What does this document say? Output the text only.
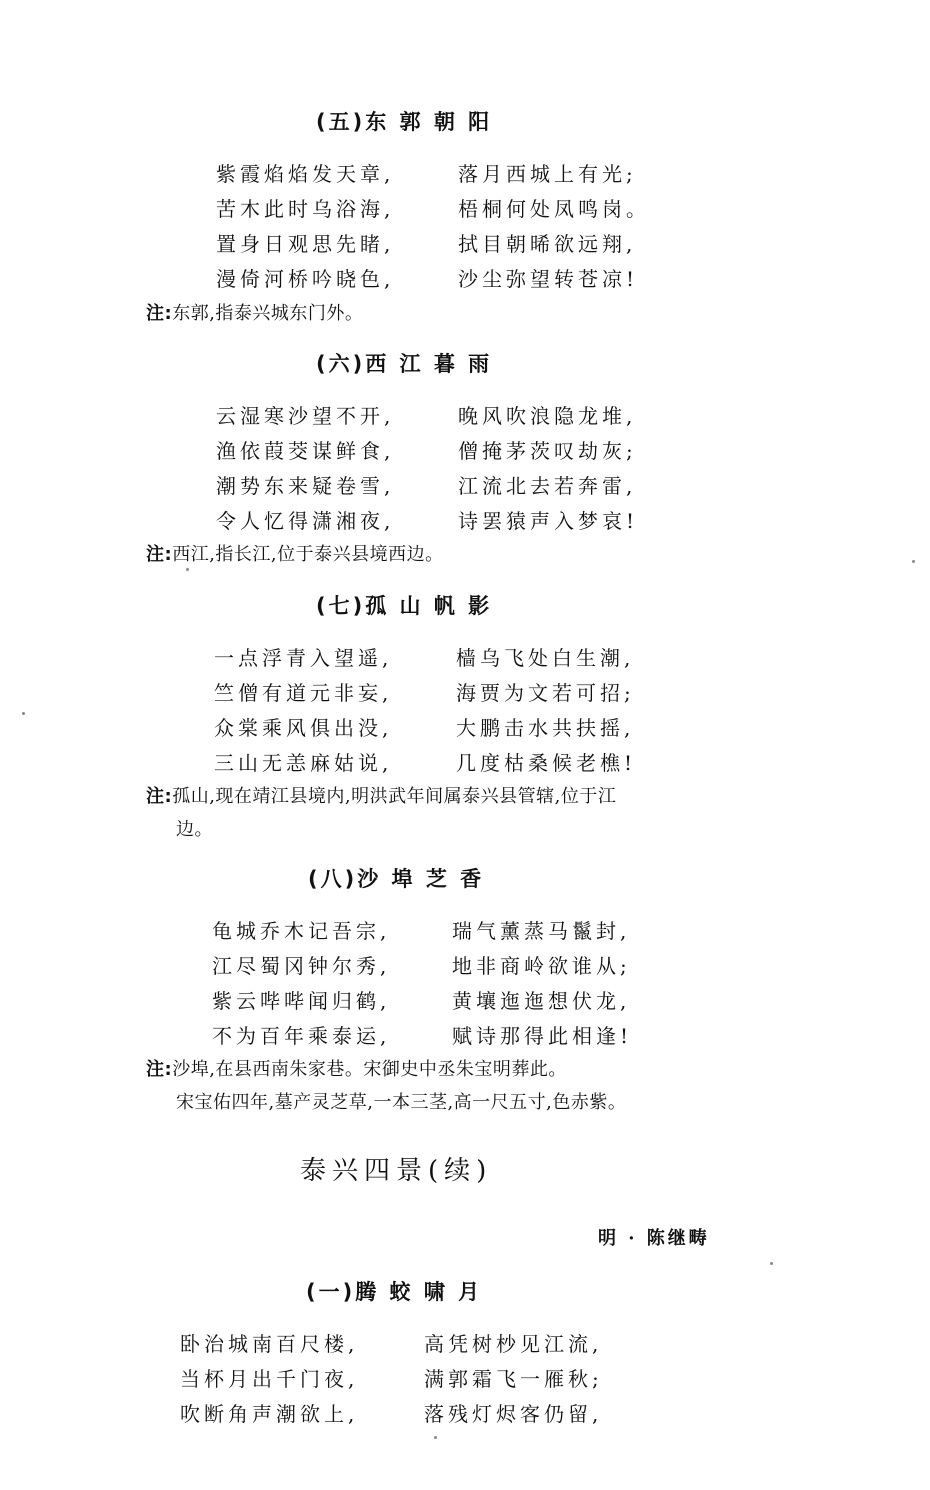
(五)东 郭 朝 阳
紫霞焰焰发天章,	落月西城上有光;
苦木此时乌浴海,	梧桐何处凤鸣岗。
置身日观思先睹,	拭目朝晞欲远翔,
漫倚河桥吟晓色,	沙尘弥望转苍凉!
注:东郭,指泰兴城东门外。
(六)西 江 暮 雨
云湿寒沙望不开,	晚风吹浪隐龙堆,
渔依葭茭谋鲜食,	僧掩茅茨叹劫灰;
潮势东来疑卷雪,	江流北去若奔雷,
令人忆得潇湘夜,	诗罢猿声入梦哀!
注:西江,指长江,位于泰兴县境西边。
(七)孤 山 帆 影
一点浮青入望遥,	樯乌飞处白生潮,
竺僧有道元非妄,	海贾为文若可招;
众棠乘风俱出没,	大鹏击水共扶摇,
三山无恙麻姑说,	几度枯桑候老樵!
注:孤山,现在靖江县境内,明洪武年间属泰兴县管辖,位于江
边。
(八)沙 埠 芝 香
龟城乔木记吾宗,	瑞气薰蒸马鬣封,
江尽蜀冈钟尔秀,	地非商岭欲谁从;
紫云哔哔闻归鹤,	黄壤迤迤想伏龙,
不为百年乘泰运,	赋诗那得此相逢!
注:沙埠,在县西南朱家巷。宋御史中丞朱宝明葬此。
宋宝佑四年,墓产灵芝草,一本三茎,高一尺五寸,色赤紫。
泰兴四景(续)
明 · 陈继畴
(一)腾 蛟 啸 月
卧治城南百尺楼,	高凭树杪见江流,
当杯月出千门夜,	满郭霜飞一雁秋;
吹断角声潮欲上,	落残灯烬客仍留,
